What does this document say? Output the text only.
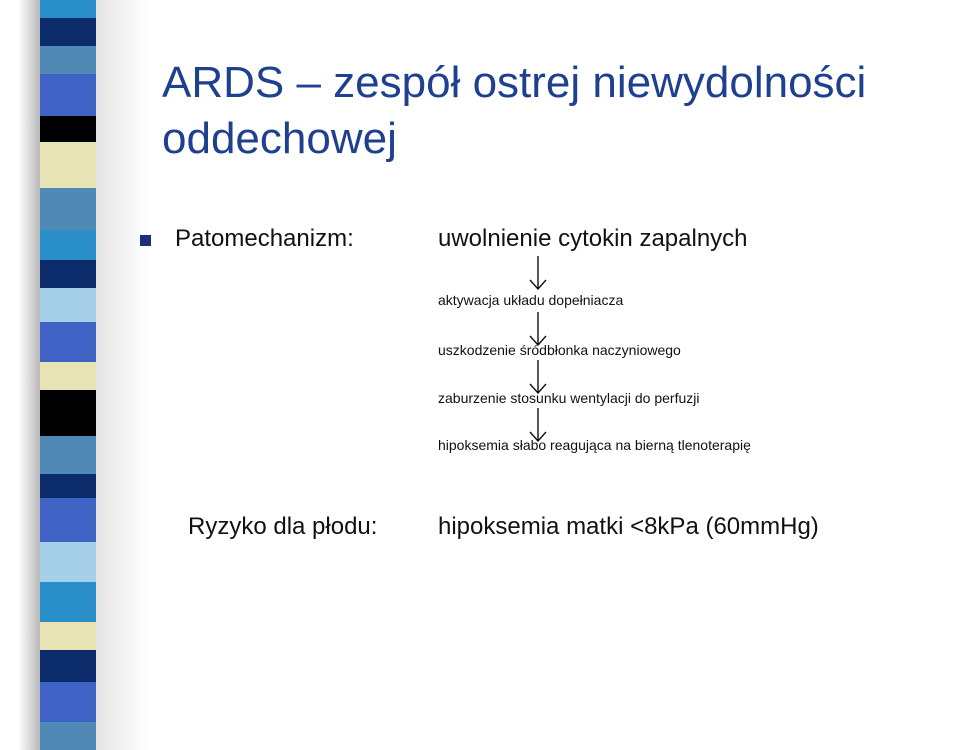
ARDS – zespół ostrej niewydolności oddechowej
Patomechanizm:	uwolnienie cytokin zapalnych
aktywacja układu dopełniacza
uszkodzenie śródbłonka naczyniowego
zaburzenie stosunku wentylacji do perfuzji
hipoksemia słabo reagująca na bierną tlenoterapię
Ryzyko dla płodu:	hipoksemia matki <8kPa (60mmHg)
